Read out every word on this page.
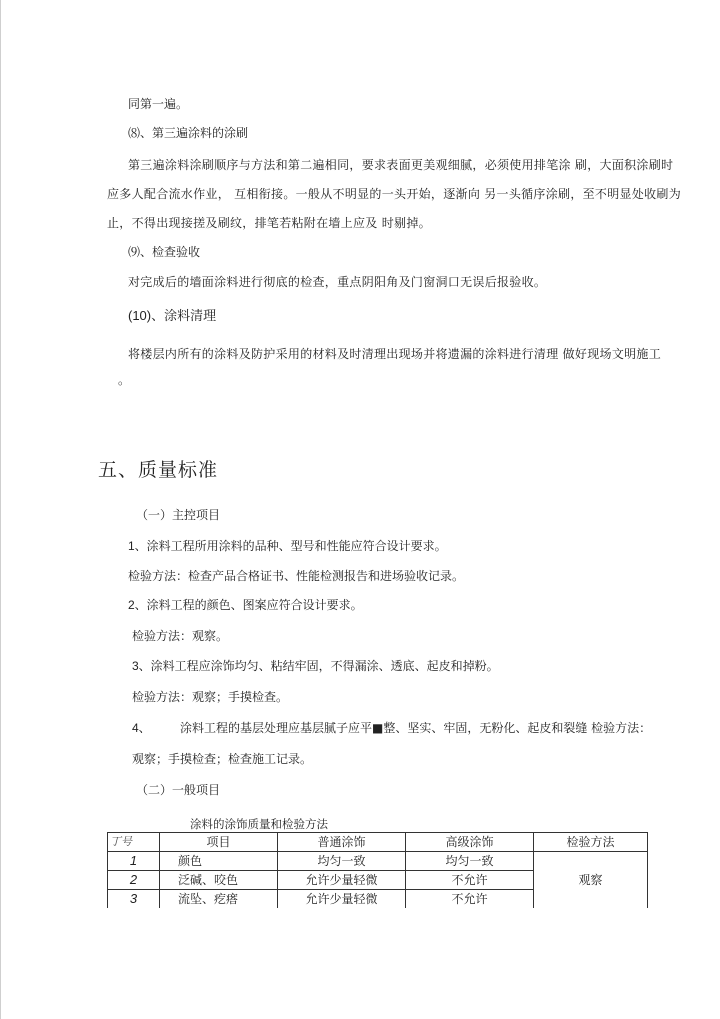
同第一遍。
⑻、第三遍涂料的涂刷
第三遍涂料涂刷顺序与方法和第二遍相同，要求表面更美观细腻，必须使用排笔涂 刷，大面积涂刷时
应多人配合流水作业， 互相衔接。一般从不明显的一头开始，逐渐向 另一头循序涂刷，至不明显处收刷为
止，不得出现接搓及刷纹，排笔若粘附在墙上应及 时剔掉。
⑼、检查验收
对完成后的墙面涂料进行彻底的检查，重点阴阳角及门窗洞口无误后报验收。
(10)、涂料清理
将楼层内所有的涂料及防护采用的材料及时清理出现场并将遗漏的涂料进行清理 做好现场文明施工
。
五、质量标准
（一）主控项目
1、涂料工程所用涂料的品种、型号和性能应符合设计要求。
检验方法：检查产品合格证书、性能检测报告和进场验收记录。
2、涂料工程的颜色、图案应符合设计要求。
检验方法：观察。
3、涂料工程应涂饰均匀、粘结牢固，不得漏涂、透底、起皮和掉粉。
检验方法：观察；手摸检查。
4、 涂料工程的基层处理应基层腻子应平■整、坚实、牢固，无粉化、起皮和裂缝 检验方法：
观察；手摸检查；检查施工记录。
（二）一般项目
涂料的涂饰质量和检验方法
丁号	项目	普通涂饰	高级涂饰	检验方法
1	颜色	均匀一致	均匀一致	观察
2	泛碱、咬色	允许少量轻微	不允许	
3	流坠、疙瘩	允许少量轻微	不允许	
